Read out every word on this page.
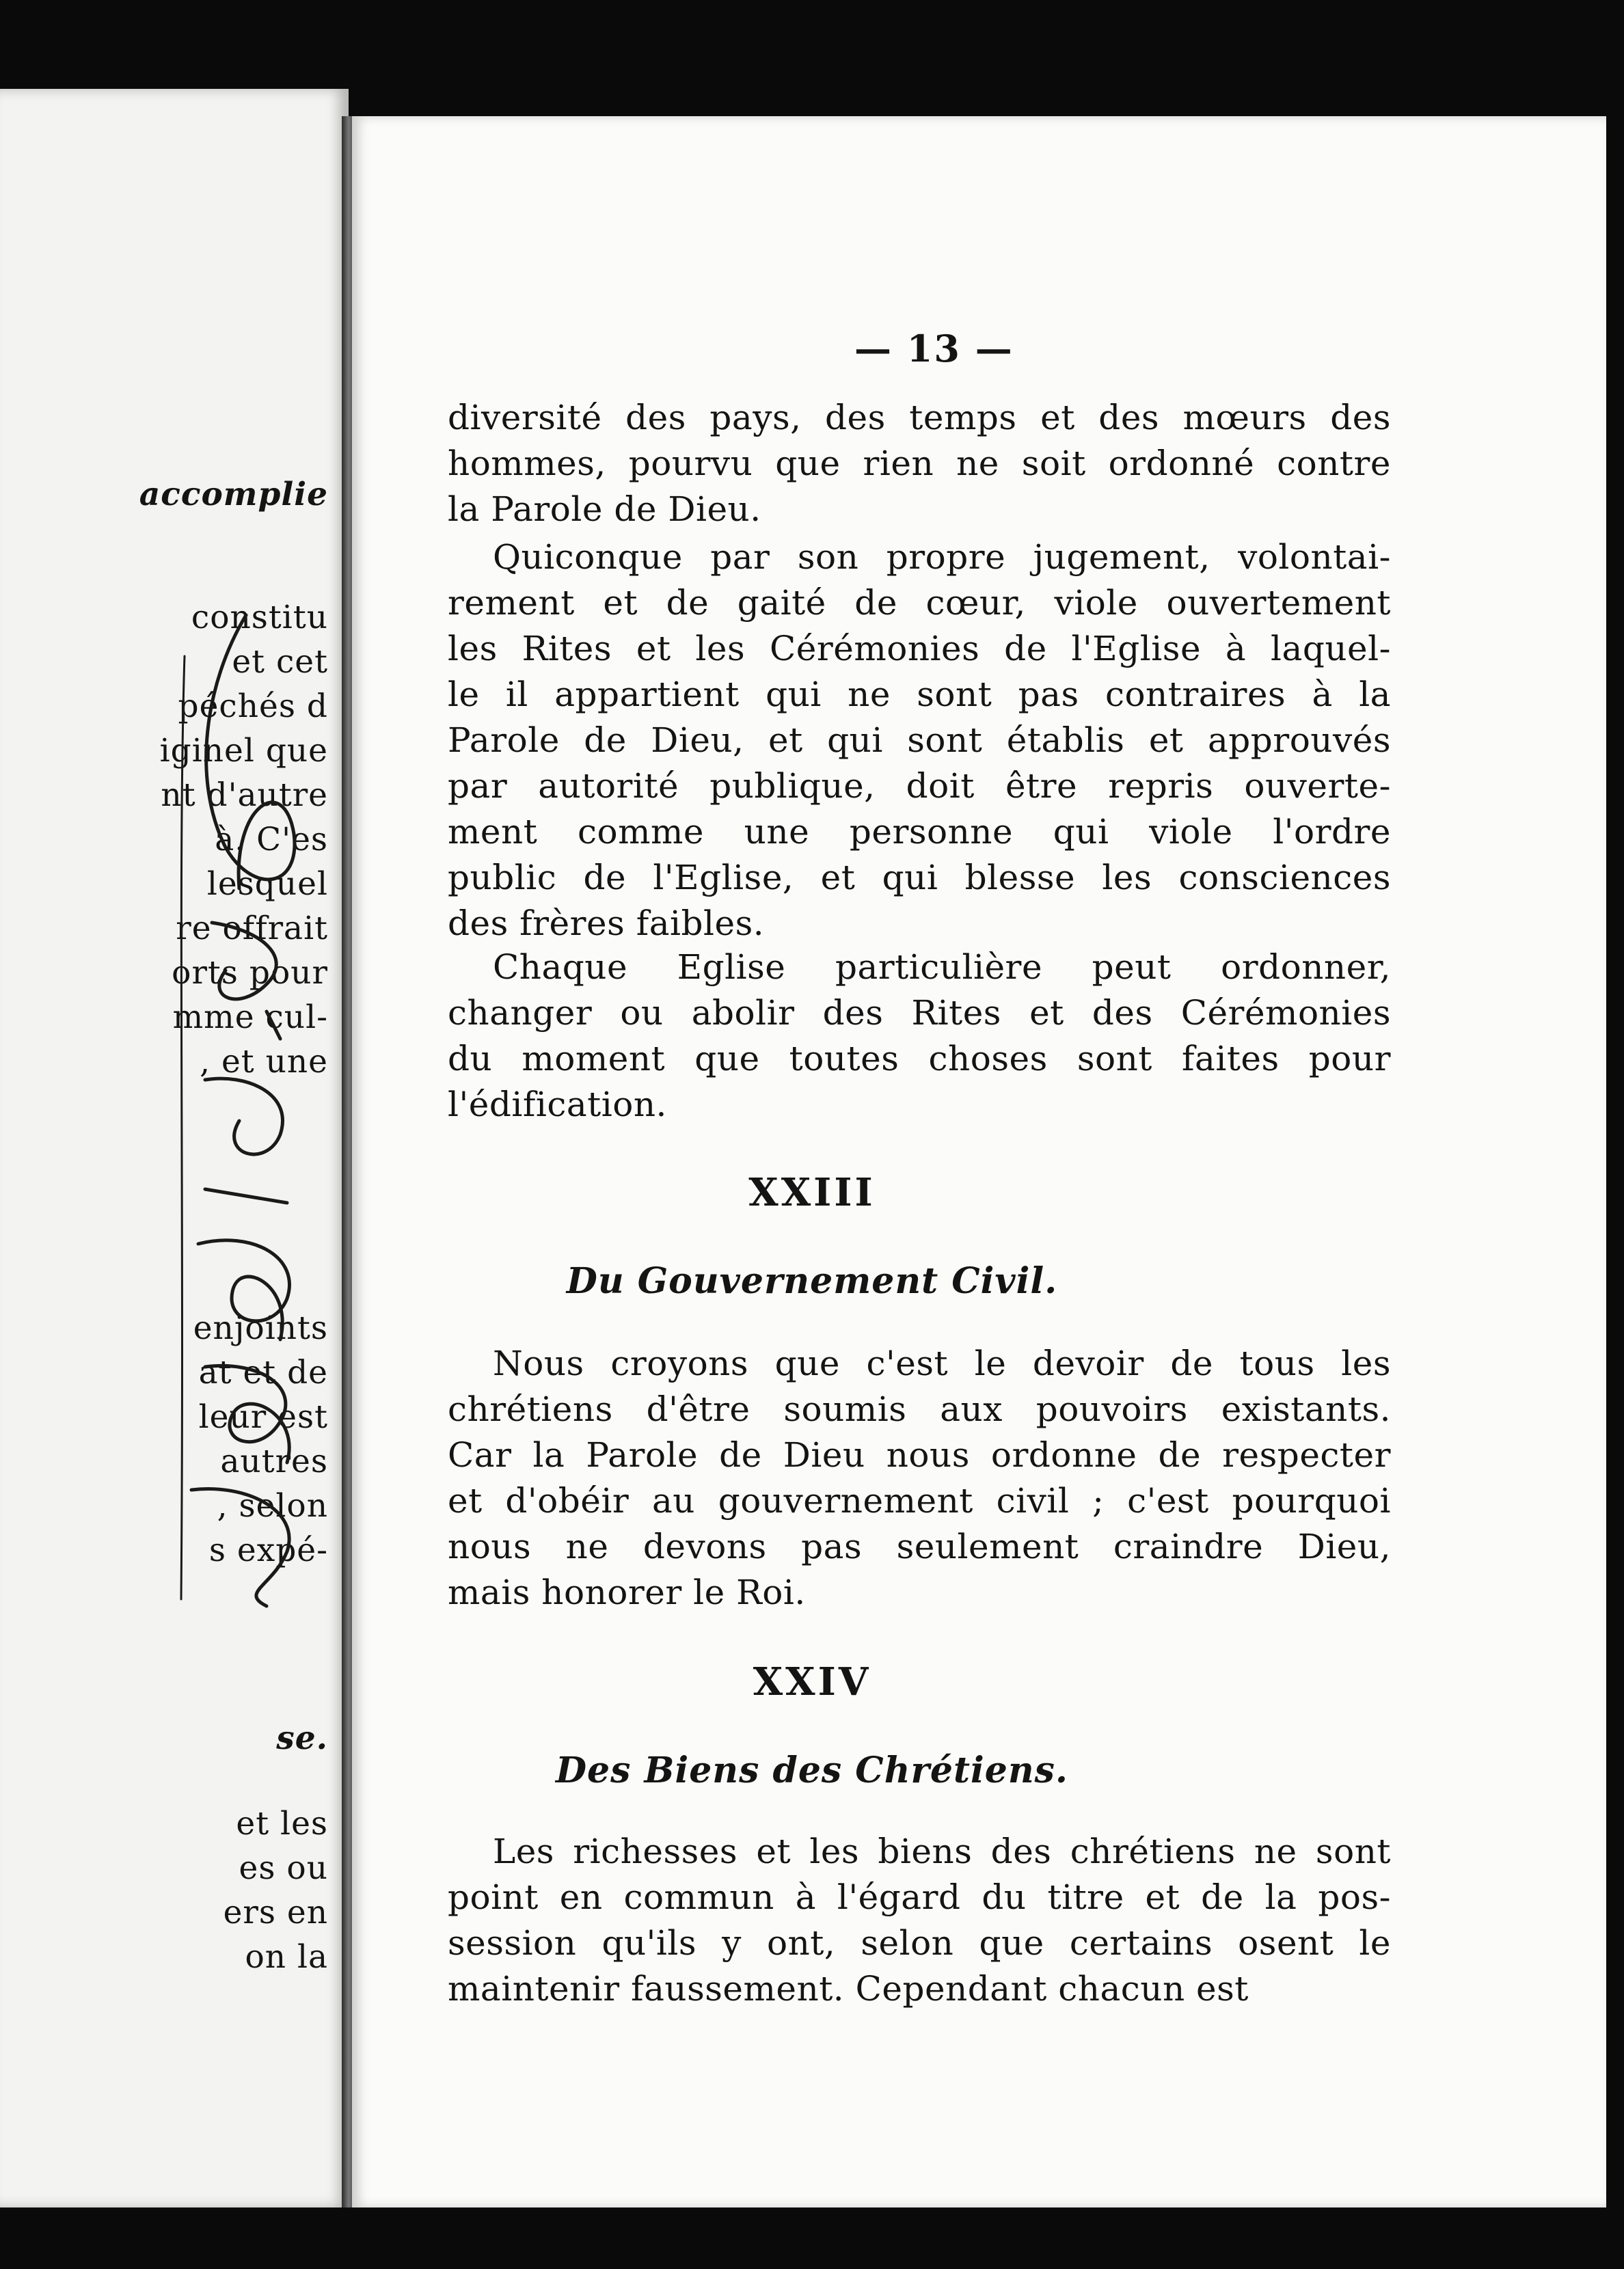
accomplie
constitu
et cet
péchés d
iginel que
nt d'autre
à. C'es
lesquel
re offrait
orts pour
mme cul-
, et une
enjoints
at et de
leur est
autres
, selon
s expé-
se.
et les
es ou
ers en
on la
— 13 —
diversité des pays, des temps et des mœurs des
hommes, pourvu que rien ne soit ordonné contre
la Parole de Dieu.
Quiconque par son propre jugement, volontai-
rement et de gaité de cœur, viole ouvertement
les Rites et les Cérémonies de l'Eglise à laquel-
le il appartient qui ne sont pas contraires à la
Parole de Dieu, et qui sont établis et approuvés
par autorité publique, doit être repris ouverte-
ment comme une personne qui viole l'ordre
public de l'Eglise, et qui blesse les consciences
des frères faibles.
Chaque Eglise particulière peut ordonner,
changer ou abolir des Rites et des Cérémonies
du moment que toutes choses sont faites pour
l'édification.
XXIII
Du Gouvernement Civil.
Nous croyons que c'est le devoir de tous les
chrétiens d'être soumis aux pouvoirs existants.
Car la Parole de Dieu nous ordonne de respecter
et d'obéir au gouvernement civil ; c'est pourquoi
nous ne devons pas seulement craindre Dieu,
mais honorer le Roi.
XXIV
Des Biens des Chrétiens.
Les richesses et les biens des chrétiens ne sont
point en commun à l'égard du titre et de la pos-
session qu'ils y ont, selon que certains osent le
maintenir faussement. Cependant chacun est
